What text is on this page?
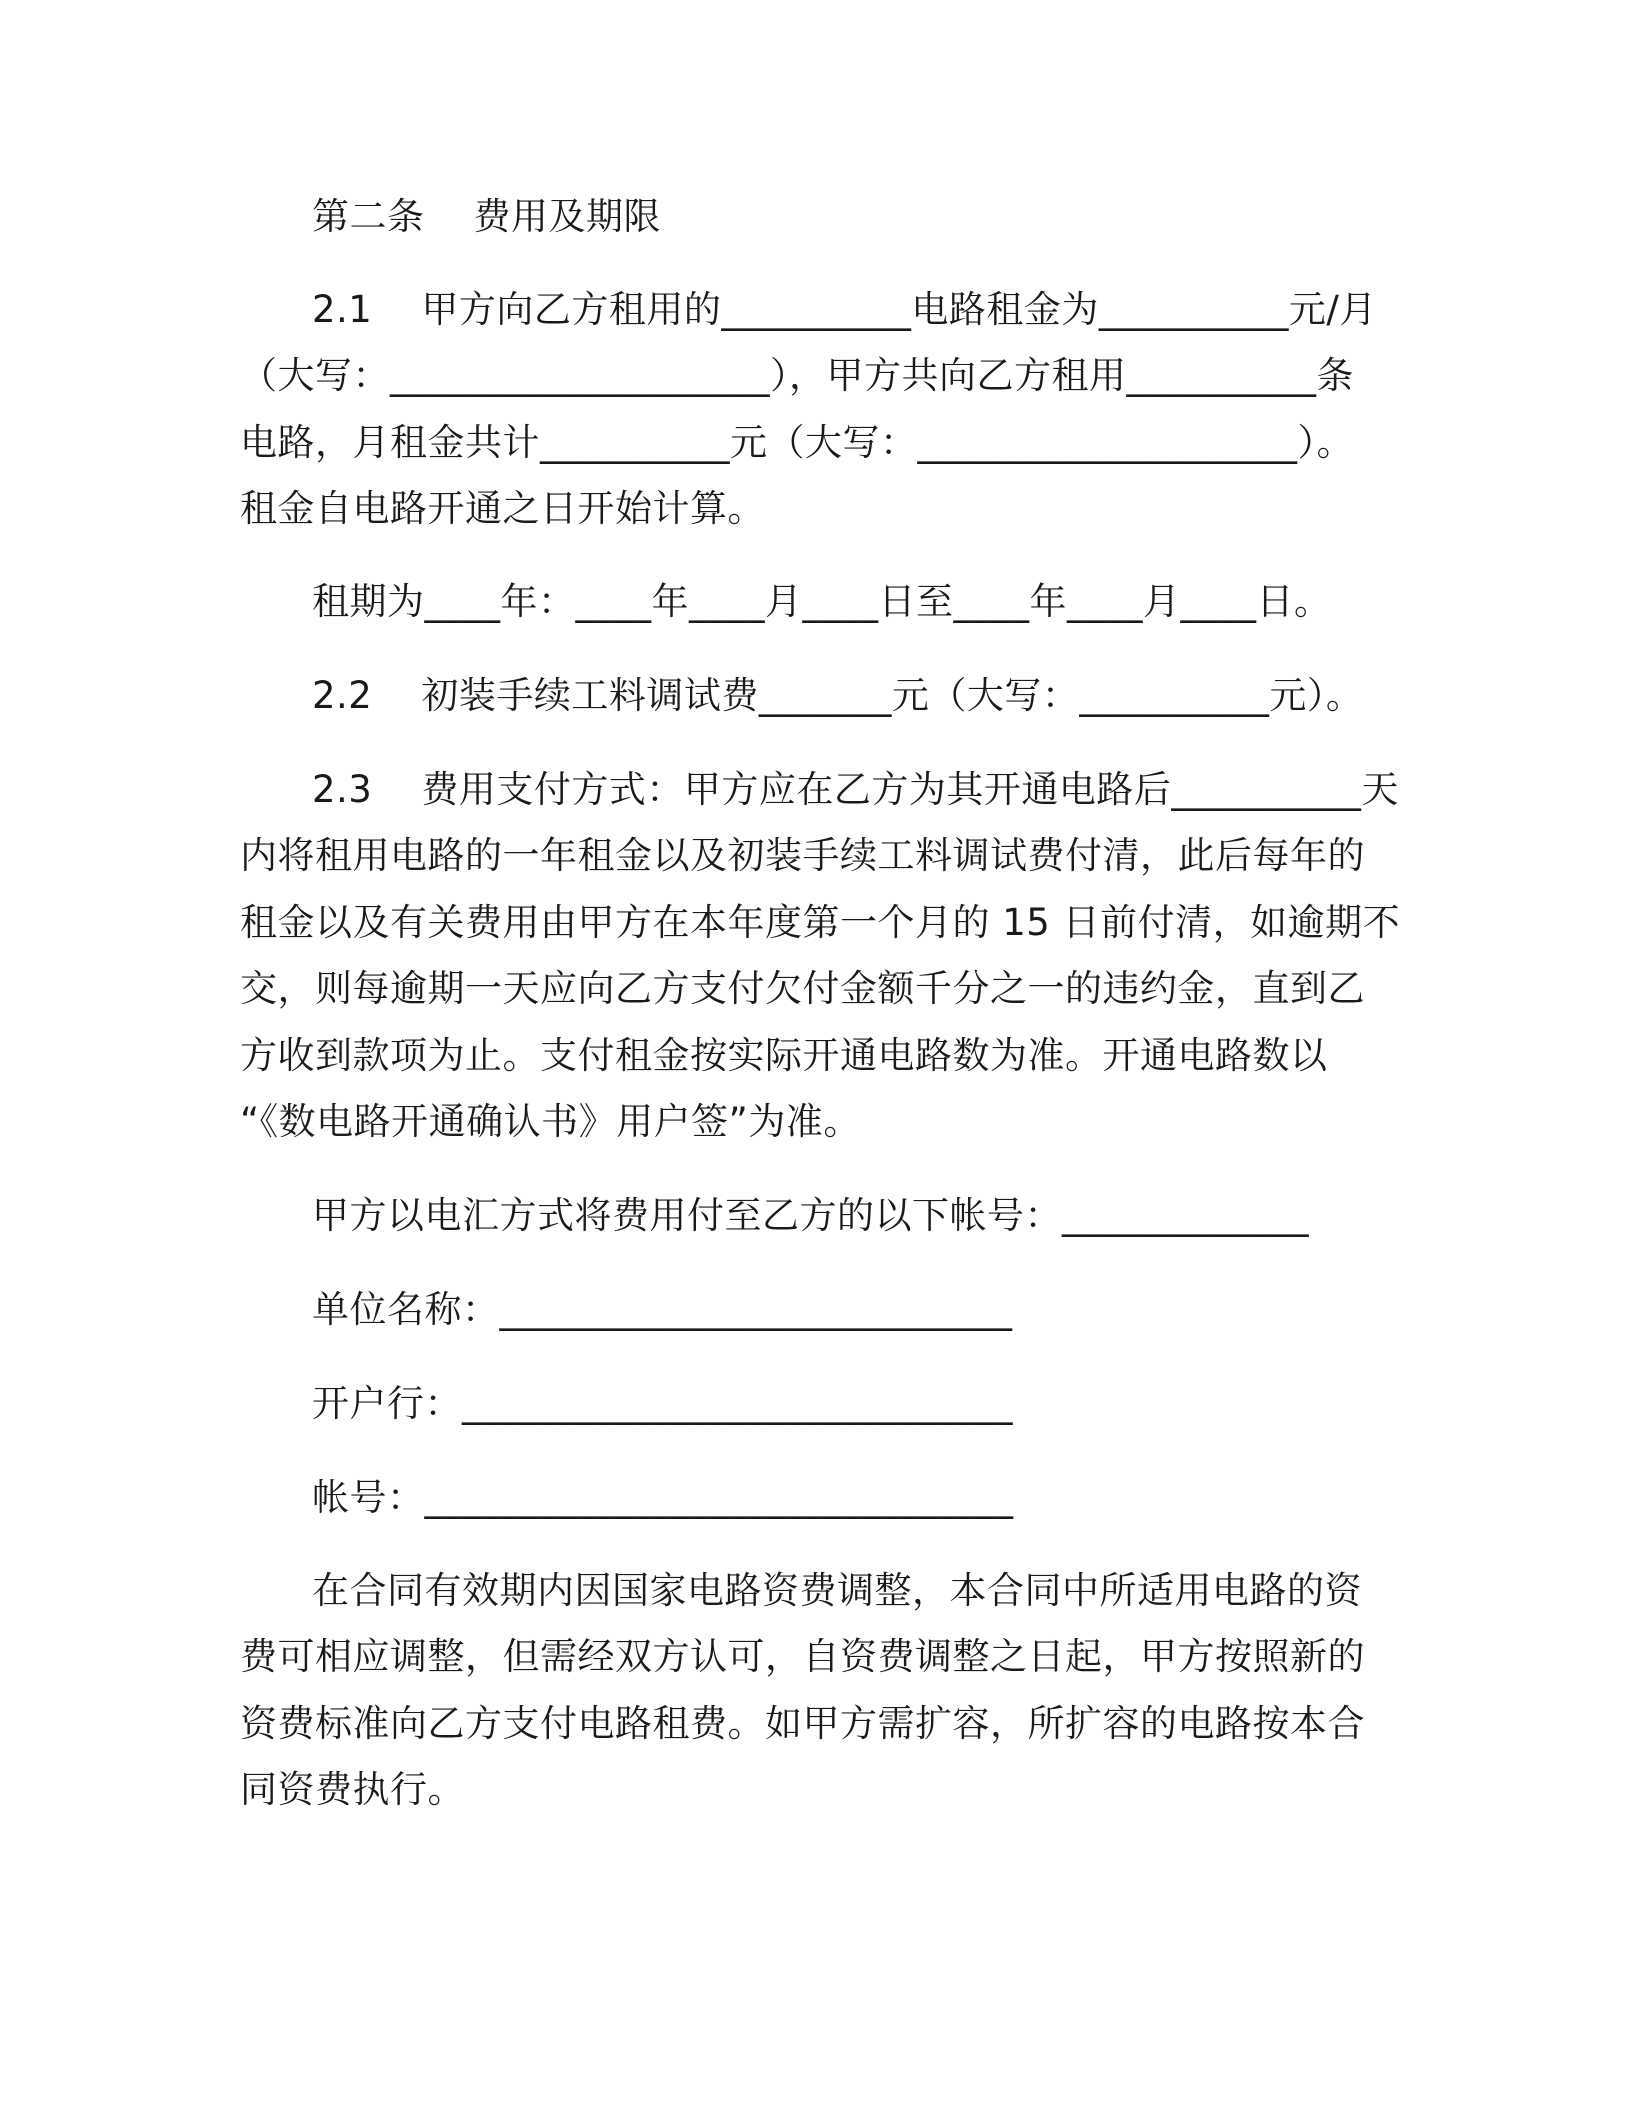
第二条    费用及期限
2.1    甲方向乙方租用的__________电路租金为__________元/月
（大写：____________________），甲方共向乙方租用__________条
电路，月租金共计__________元（大写：____________________）。
租金自电路开通之日开始计算。
租期为____年：____年____月____日至____年____月____日。
2.2    初装手续工料调试费_______元（大写：__________元）。
2.3    费用支付方式：甲方应在乙方为其开通电路后__________天
内将租用电路的一年租金以及初装手续工料调试费付清，此后每年的
租金以及有关费用由甲方在本年度第一个月的 15 日前付清，如逾期不
交，则每逾期一天应向乙方支付欠付金额千分之一的违约金，直到乙
方收到款项为止。支付租金按实际开通电路数为准。开通电路数以
“《数电路开通确认书》用户签”为准。
甲方以电汇方式将费用付至乙方的以下帐号：_____________
单位名称：___________________________
开户行：_____________________________
帐号：_______________________________
在合同有效期内因国家电路资费调整，本合同中所适用电路的资
费可相应调整，但需经双方认可，自资费调整之日起，甲方按照新的
资费标准向乙方支付电路租费。如甲方需扩容，所扩容的电路按本合
同资费执行。
